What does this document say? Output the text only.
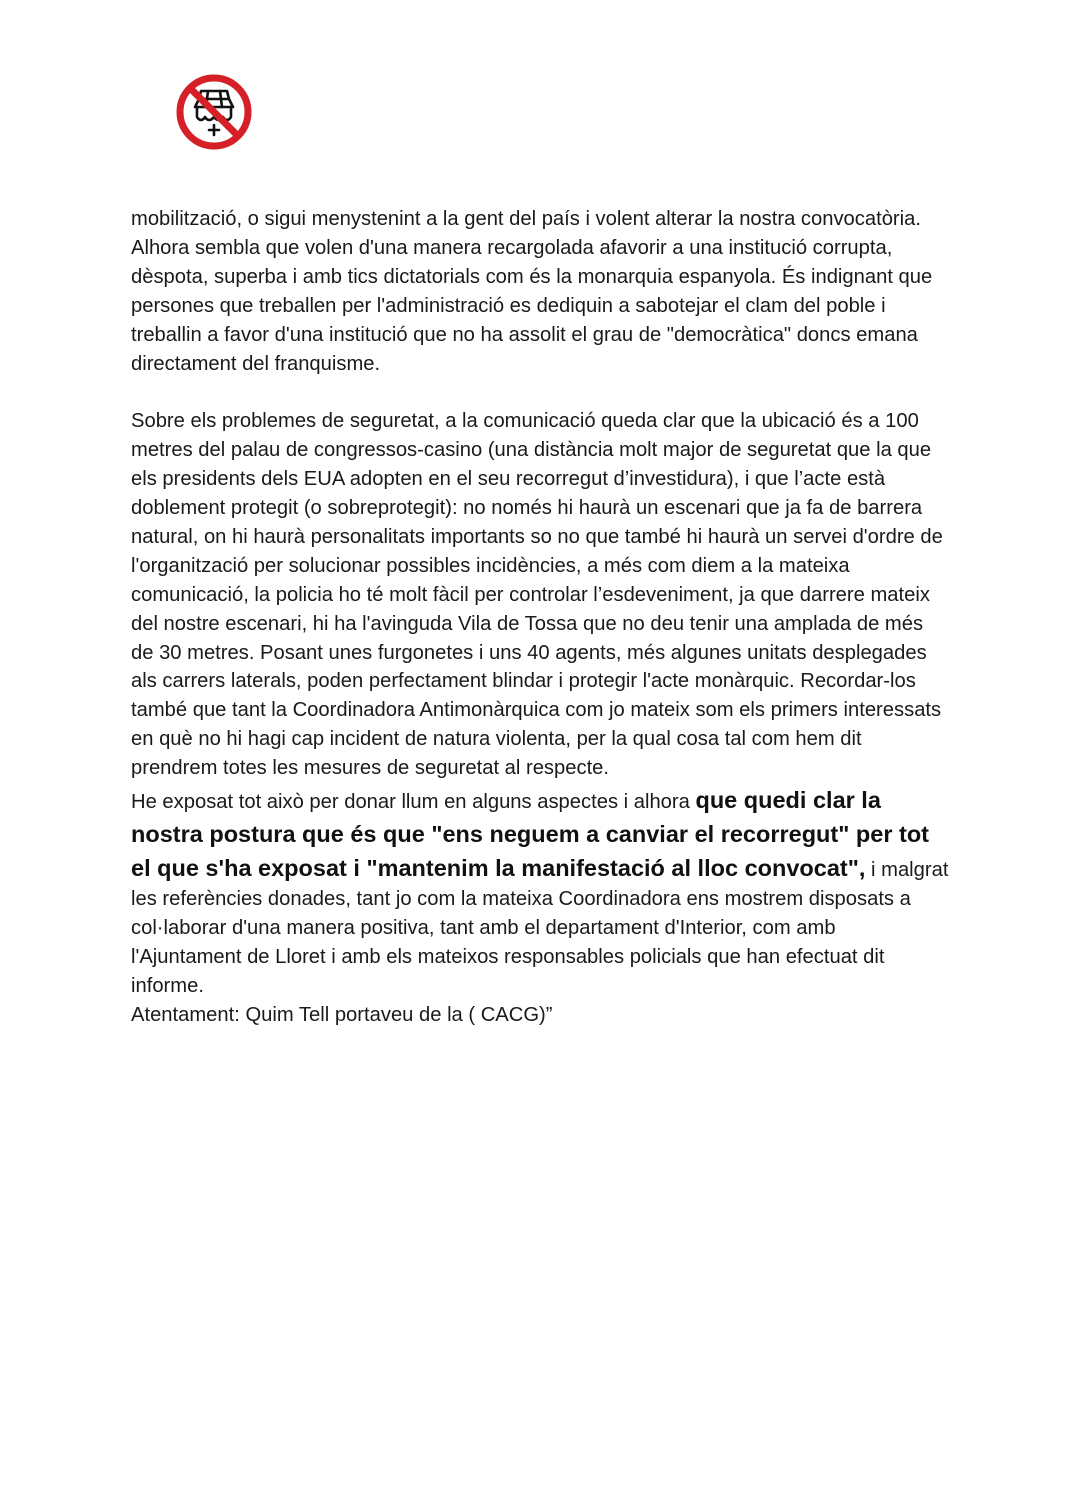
mobilització, o sigui menystenint a la gent del país i volent alterar la nostra convocatòria. Alhora sembla que volen d'una manera recargolada afavorir a una institució corrupta, dèspota, superba i amb tics dictatorials com és la monarquia espanyola. És indignant que persones que treballen per l'administració es dediquin a sabotejar el clam del poble i treballin a favor d'una institució que no ha assolit el grau de "democràtica" doncs emana directament del franquisme.

Sobre els problemes de seguretat, a la comunicació queda clar que la ubicació és a 100 metres del palau de congressos-casino (una distància molt major de seguretat que la que els presidents dels EUA adopten en el seu recorregut d’investidura), i que l’acte està doblement protegit (o sobreprotegit): no només hi haurà un escenari que ja fa de barrera natural, on hi haurà personalitats importants so no que també hi haurà un servei d'ordre de l'organització per solucionar possibles incidències, a més com diem a la mateixa comunicació, la policia ho té molt fàcil per controlar l’esdeveniment, ja que darrere mateix del nostre escenari, hi ha l'avinguda Vila de Tossa que no deu tenir una amplada de més de 30 metres. Posant unes furgonetes i uns 40 agents, més algunes unitats desplegades als carrers laterals, poden perfectament blindar i protegir l'acte monàrquic. Recordar-los també que tant la Coordinadora Antimonàrquica com jo mateix som els primers interessats en què no hi hagi cap incident de natura violenta, per la qual cosa tal com hem dit prendrem totes les mesures de seguretat al respecte.

He exposat tot això per donar llum en alguns aspectes i alhora que quedi clar la nostra postura que és que "ens neguem a canviar el recorregut" per tot el que s'ha exposat i "mantenim la manifestació al lloc convocat", i malgrat les referències donades, tant jo com la mateixa Coordinadora ens mostrem disposats a col·laborar d'una manera positiva, tant amb el departament d'Interior, com amb l'Ajuntament de Lloret i amb els mateixos responsables policials que han efectuat dit informe.

Atentament: Quim Tell portaveu de la ( CACG)”
